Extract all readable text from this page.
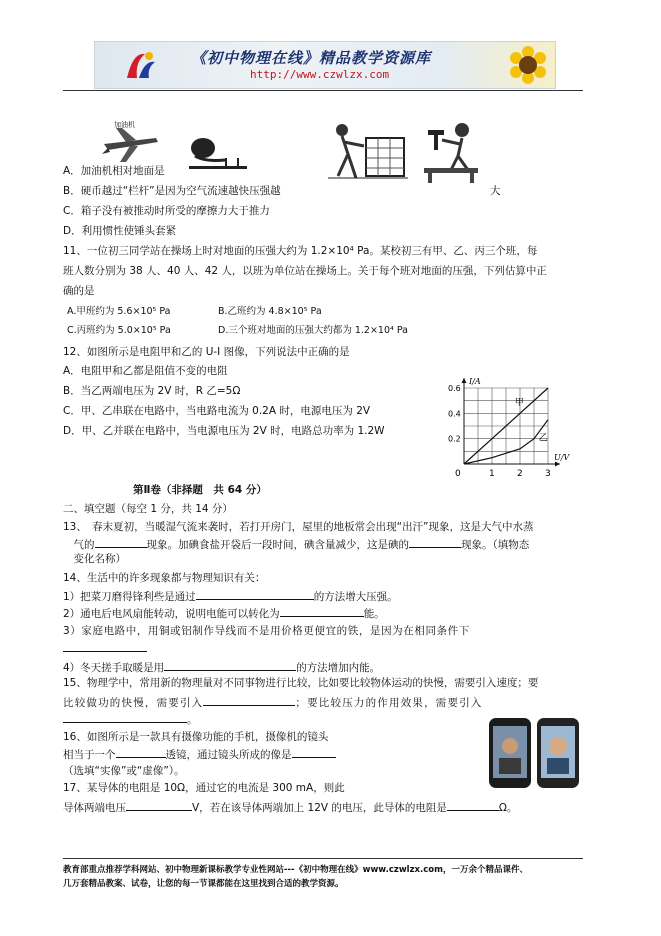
《初中物理在线》精品教学资源库
http://www.czwlzx.com
加油机
A．加油机相对地面是
B．硬币越过“栏杆”是因为空气流速越快压强越	大
C．箱子没有被推动时所受的摩擦力大于推力
D．利用惯性使锤头套紧
11、一位初三同学站在操场上时对地面的压强大约为 1.2×10⁴ Pa。某校初三有甲、乙、丙三个班，每
班人数分别为 38 人、40 人、42 人，以班为单位站在操场上。关于每个班对地面的压强，下列估算中正
确的是
A.甲班约为 5.6×10⁵ Pa	B.乙班约为 4.8×10⁵ Pa
C.丙班约为 5.0×10⁵ Pa	D.三个班对地面的压强大约都为 1.2×10⁴ Pa
12、如图所示是电阻甲和乙的 U-I 图像，下列说法中正确的是
A．电阻甲和乙都是阻值不变的电阻
B．当乙两端电压为 2V 时，R 乙=5Ω
C．甲、乙串联在电路中，当电路电流为 0.2A 时，电源电压为 2V
D．甲、乙并联在电路中，当电源电压为 2V 时，电路总功率为 1.2W
0	1 2 3
0.2
0.4
0.6
I/A
U/V
甲
乙
第Ⅱ卷（非择题　共 64 分）
二、填空题（每空 1 分，共 14 分）
13、　春末夏初，当暖湿气流来袭时，若打开房门，屋里的地板常会出现“出汗”现象，这是大气中水蒸
　气的	现象。加碘食盐开袋后一段时间，碘含量减少，这是碘的	现象。（填物态
　变化名称）
14、生活中的许多现象都与物理知识有关：
1）把菜刀磨得锋利些是通过	的方法增大压强。
2）通电后电风扇能转动，说明电能可以转化为	能。
3）家庭电路中，用铜或铝制作导线而不是用价格更便宜的铁，是因为在相同条件下
4）冬天搓手取暖是用	的方法增加内能。
15、物理学中，常用新的物理量对不同事物进行比较，比如要比较物体运动的快慢，需要引入速度；要
比较做功的快慢，需要引入	；要比较压力的作用效果，需要引入
。
16、如图所示是一款具有摄像功能的手机，摄像机的镜头
相当于一个	透镜，通过镜头所成的像是
（选填“实像”或“虚像”）。
17、某导体的电阻是 10Ω，通过它的电流是 300 mA，则此
导体两端电压	V，若在该导体两端加上 12V 的电压，此导体的电阻是	Ω。
教育部重点推荐学科网站、初中物理新课标教学专业性网站---《初中物理在线》www.czwlzx.com，一万余个精品课件、
几万套精品教案、试卷，让您的每一节课都能在这里找到合适的教学资源。
